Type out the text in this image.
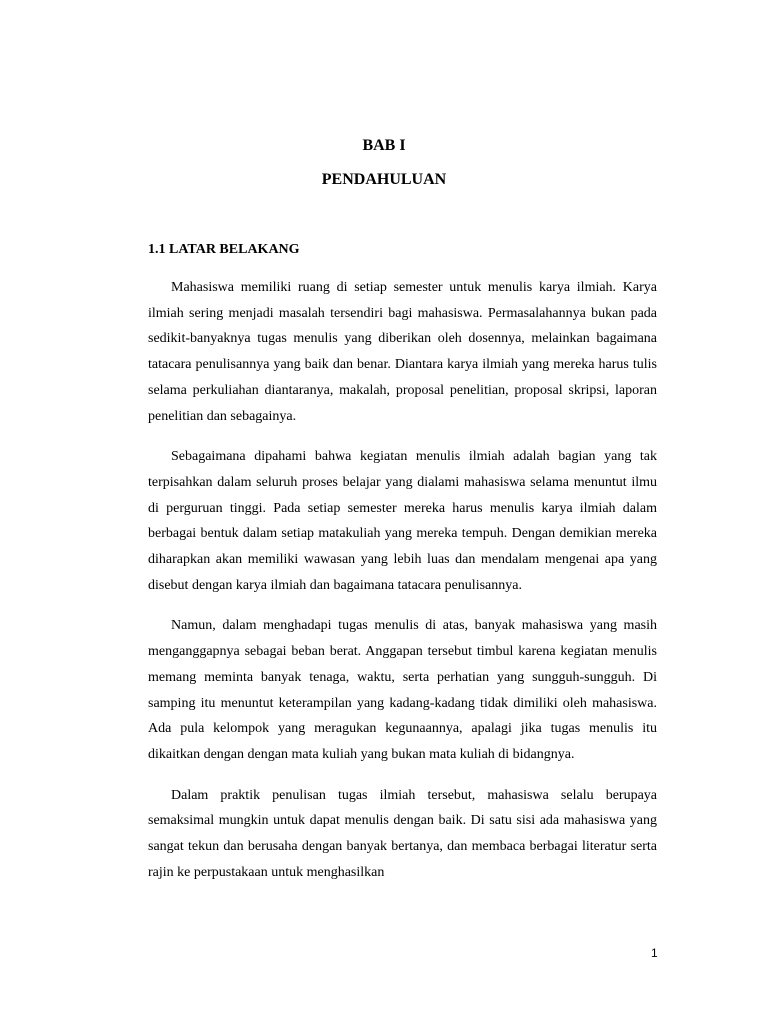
BAB I
PENDAHULUAN
1.1 LATAR BELAKANG

Mahasiswa memiliki ruang di setiap semester untuk menulis karya ilmiah. Karya ilmiah sering menjadi masalah tersendiri bagi mahasiswa. Permasalahannya bukan pada sedikit-banyaknya tugas menulis yang diberikan oleh dosennya, melainkan bagaimana tatacara penulisannya yang baik dan benar. Diantara karya ilmiah yang mereka harus tulis selama perkuliahan diantaranya, makalah, proposal penelitian, proposal skripsi, laporan penelitian dan sebagainya.

Sebagaimana dipahami bahwa kegiatan menulis ilmiah adalah bagian yang tak terpisahkan dalam seluruh proses belajar yang dialami mahasiswa selama menuntut ilmu di perguruan tinggi. Pada setiap semester mereka harus menulis karya ilmiah dalam berbagai bentuk dalam setiap matakuliah yang mereka tempuh. Dengan demikian mereka diharapkan akan memiliki wawasan yang lebih luas dan mendalam mengenai apa yang disebut dengan karya ilmiah dan bagaimana tatacara penulisannya.

Namun, dalam menghadapi tugas menulis di atas, banyak mahasiswa yang masih menganggapnya sebagai beban berat. Anggapan tersebut timbul karena kegiatan menulis memang meminta banyak tenaga, waktu, serta perhatian yang sungguh-sungguh. Di samping itu menuntut keterampilan yang kadang-kadang tidak dimiliki oleh mahasiswa. Ada pula kelompok yang meragukan kegunaannya, apalagi jika tugas menulis itu dikaitkan dengan dengan mata kuliah yang bukan mata kuliah di bidangnya.

Dalam praktik penulisan tugas ilmiah tersebut, mahasiswa selalu berupaya semaksimal mungkin untuk dapat menulis dengan baik. Di satu sisi ada mahasiswa yang sangat tekun dan berusaha dengan banyak bertanya, dan membaca berbagai literatur serta rajin ke perpustakaan untuk menghasilkan

1
